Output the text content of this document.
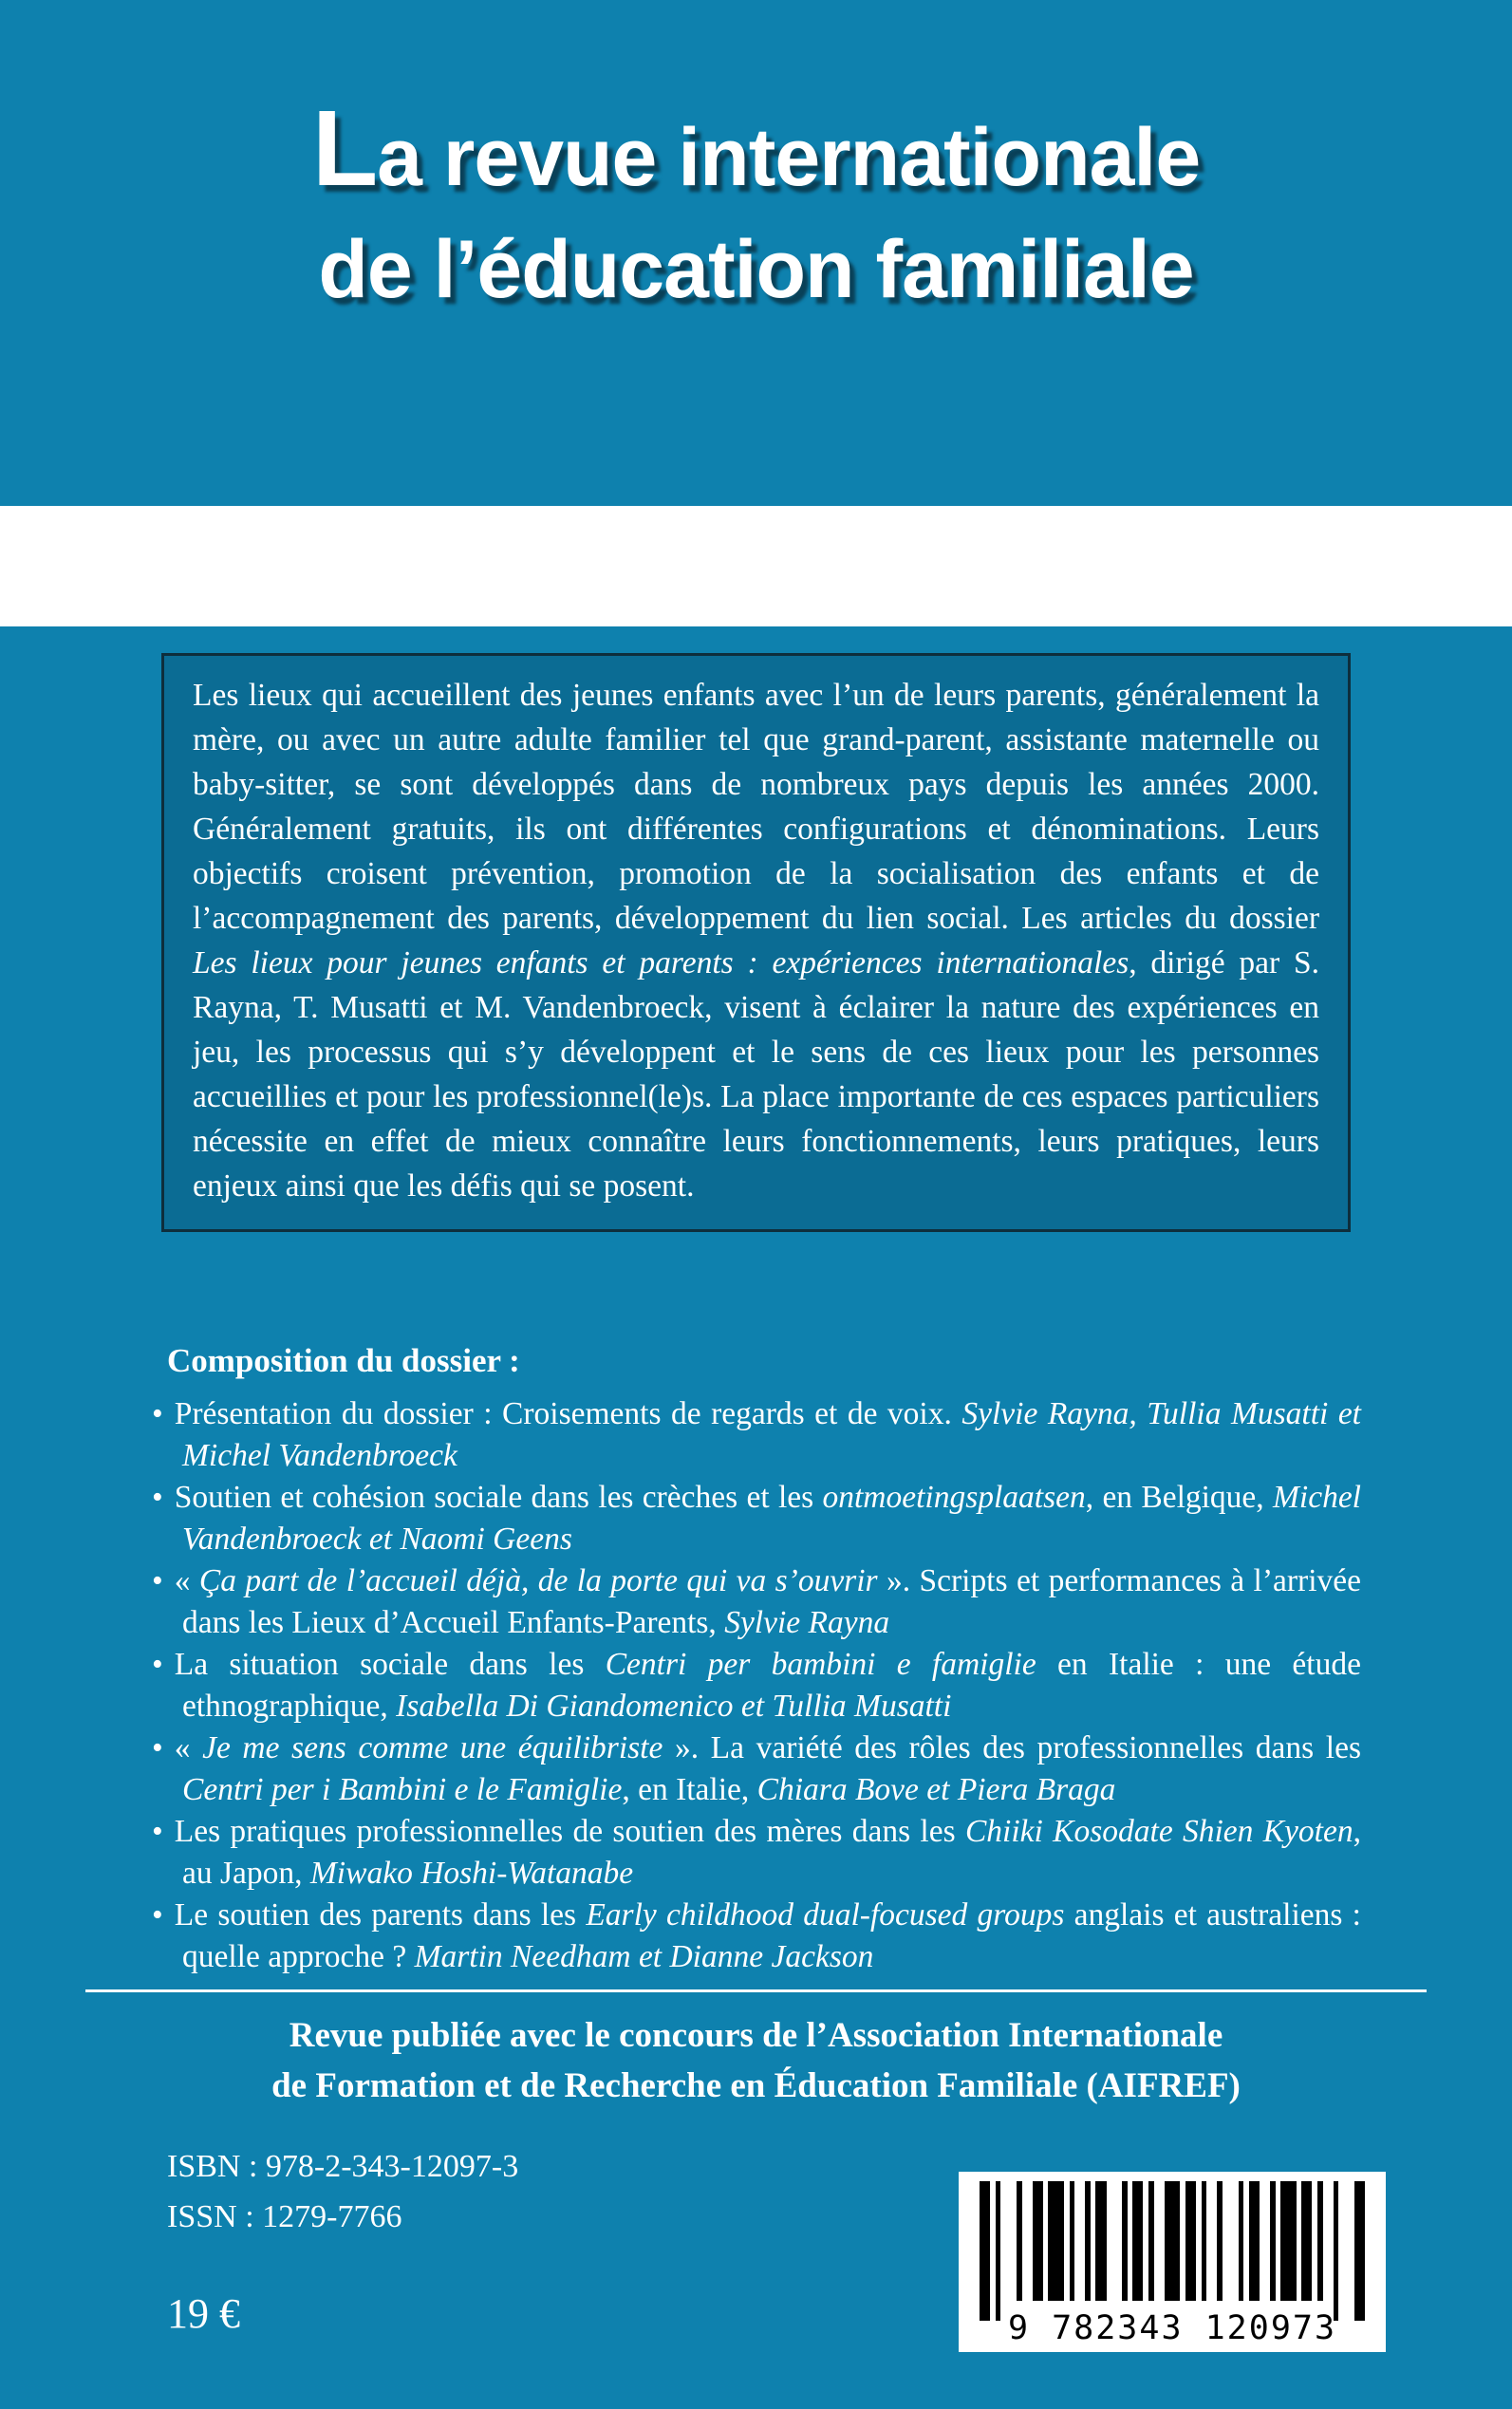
La revue internationale
de l’éducation familiale

Les lieux qui accueillent des jeunes enfants avec l’un de leurs parents, généralement la mère, ou avec un autre adulte familier tel que grand-parent, assistante maternelle ou baby-sitter, se sont développés dans de nombreux pays depuis les années 2000. Généralement gratuits, ils ont différentes configurations et dénominations. Leurs objectifs croisent prévention, promotion de la socialisation des enfants et de l’accompagnement des parents, développement du lien social. Les articles du dossier Les lieux pour jeunes enfants et parents : expériences internationales, dirigé par S. Rayna, T. Musatti et M. Vandenbroeck, visent à éclairer la nature des expériences en jeu, les processus qui s’y développent et le sens de ces lieux pour les personnes accueillies et pour les professionnel(le)s. La place importante de ces espaces particuliers nécessite en effet de mieux connaître leurs fonctionnements, leurs pratiques, leurs enjeux ainsi que les défis qui se posent.

Composition du dossier :
• Présentation du dossier : Croisements de regards et de voix. Sylvie Rayna, Tullia Musatti et Michel Vandenbroeck
• Soutien et cohésion sociale dans les crèches et les ontmoetingsplaatsen, en Belgique, Michel Vandenbroeck et Naomi Geens
• « Ça part de l’accueil déjà, de la porte qui va s’ouvrir ». Scripts et performances à l’arrivée dans les Lieux d’Accueil Enfants-Parents, Sylvie Rayna
• La situation sociale dans les Centri per bambini e famiglie en Italie : une étude ethnographique, Isabella Di Giandomenico et Tullia Musatti
• « Je me sens comme une équilibriste ». La variété des rôles des professionnelles dans les Centri per i Bambini e le Famiglie, en Italie, Chiara Bove et Piera Braga
• Les pratiques professionnelles de soutien des mères dans les Chiiki Kosodate Shien Kyoten, au Japon, Miwako Hoshi-Watanabe
• Le soutien des parents dans les Early childhood dual-focused groups anglais et australiens : quelle approche ? Martin Needham et Dianne Jackson
Revue publiée avec le concours de l’Association Internationale
de Formation et de Recherche en Éducation Familiale (AIFREF)
ISBN : 978-2-343-12097-3
ISSN : 1279-7766
19 €	9 782343 120973
